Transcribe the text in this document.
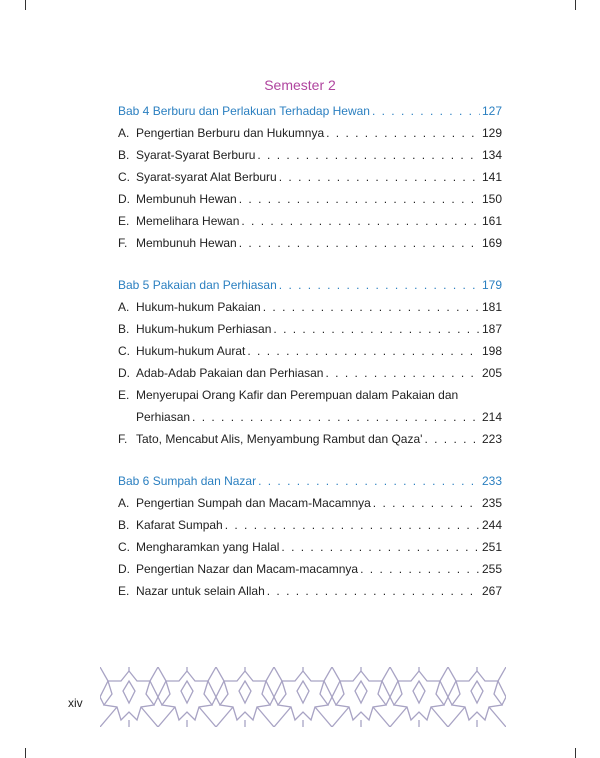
Semester 2
Bab 4 Berburu dan Perlakuan Terhadap Hewan . . .	127
A. Pengertian Berburu dan Hukumnya . . .	129
B. Syarat-Syarat Berburu . . .	134
C. Syarat-syarat Alat Berburu . . .	141
D. Membunuh Hewan . . .	150
E. Memelihara Hewan . . .	161
F. Membunuh Hewan . . .	169
Bab 5 Pakaian dan Perhiasan . . .	179
A. Hukum-hukum Pakaian . . .	181
B. Hukum-hukum Perhiasan . . .	187
C. Hukum-hukum Aurat . . .	198
D. Adab-Adab Pakaian dan Perhiasan . . .	205
E. Menyerupai Orang Kafir dan Perempuan dalam Pakaian dan
Perhiasan . . .	214
F. Tato, Mencabut Alis, Menyambung Rambut dan Qaza' . . .	223
Bab 6 Sumpah dan Nazar . . .	233
A. Pengertian Sumpah dan Macam-Macamnya . . .	235
B. Kafarat Sumpah . . .	244
C. Mengharamkan yang Halal . . .	251
D. Pengertian Nazar dan Macam-macamnya . . .	255
E. Nazar untuk selain Allah . . .	267
xiv
